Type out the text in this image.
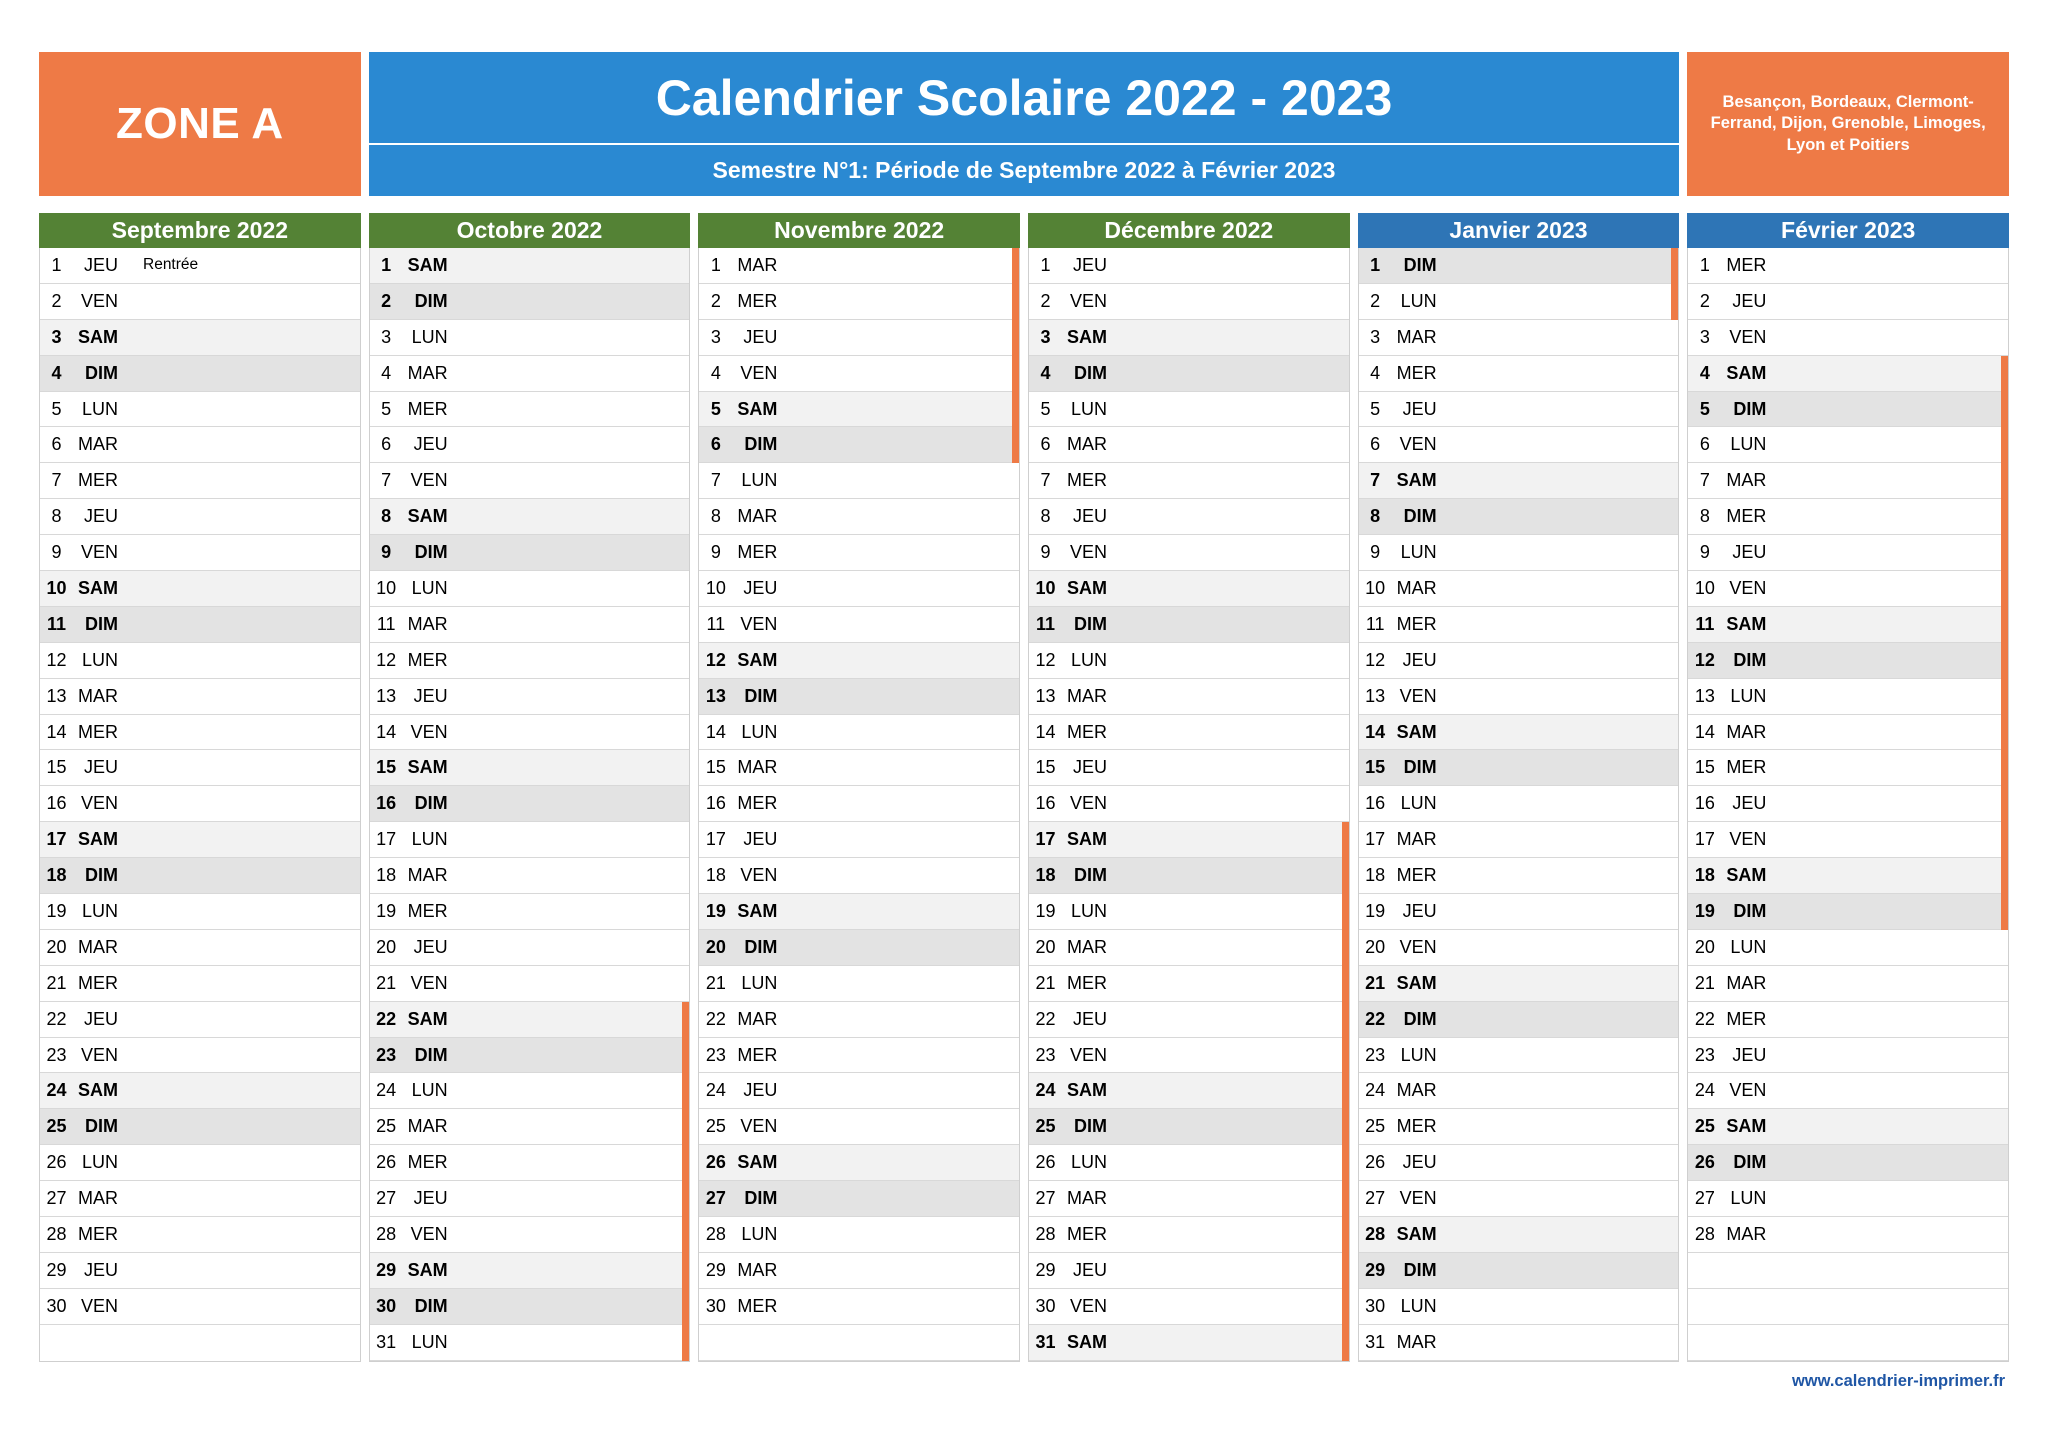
ZONE A	Calendrier Scolaire 2022 - 2023
Semestre N°1: Période de Septembre 2022 à Février 2023
Besançon, Bordeaux, Clermont-
Ferrand, Dijon, Grenoble, Limoges,
Lyon et Poitiers
Septembre 2022
1	JEU Rentrée
2	VEN
3 SAM
4	DIM
5	LUN
6 MAR
7 MER
8	JEU
9	VEN
10 SAM
11	DIM
12 LUN
13 MAR
14 MER
15 JEU
16 VEN
17 SAM
18	DIM
19 LUN
20 MAR
21 MER
22 JEU
23 VEN
24 SAM
25	DIM
26 LUN
27 MAR
28 MER
29 JEU
30 VEN
Octobre 2022
1 SAM
2	DIM
3	LUN
4 MAR
5 MER
6	JEU
7	VEN
8 SAM
9	DIM
10 LUN
11 MAR
12 MER
13 JEU
14 VEN
15 SAM
16	DIM
17 LUN
18 MAR
19 MER
20 JEU
21 VEN
22 SAM
23	DIM
24 LUN
25 MAR
26 MER
27 JEU
28 VEN
29 SAM
30	DIM
31 LUN
Novembre 2022
1 MAR
2 MER
3	JEU
4	VEN
5 SAM
6	DIM
7	LUN
8 MAR
9 MER
10 JEU
11 VEN
12 SAM
13	DIM
14 LUN
15 MAR
16 MER
17 JEU
18 VEN
19 SAM
20	DIM
21 LUN
22 MAR
23 MER
24 JEU
25 VEN
26 SAM
27	DIM
28 LUN
29 MAR
30 MER
Décembre 2022
1	JEU
2	VEN
3 SAM
4	DIM
5	LUN
6 MAR
7 MER
8	JEU
9	VEN
10 SAM
11	DIM
12 LUN
13 MAR
14 MER
15 JEU
16 VEN
17 SAM
18	DIM
19 LUN
20 MAR
21 MER
22 JEU
23 VEN
24 SAM
25	DIM
26 LUN
27 MAR
28 MER
29 JEU
30 VEN
31 SAM
Janvier 2023
1	DIM
2	LUN
3 MAR
4 MER
5	JEU
6	VEN
7 SAM
8	DIM
9	LUN
10 MAR
11 MER
12 JEU
13 VEN
14 SAM
15	DIM
16 LUN
17 MAR
18 MER
19 JEU
20 VEN
21 SAM
22	DIM
23 LUN
24 MAR
25 MER
26 JEU
27 VEN
28 SAM
29	DIM
30 LUN
31 MAR
Février 2023
1 MER
2	JEU
3	VEN
4 SAM
5	DIM
6	LUN
7 MAR
8 MER
9	JEU
10 VEN
11 SAM
12	DIM
13 LUN
14 MAR
15 MER
16 JEU
17 VEN
18 SAM
19	DIM
20 LUN
21 MAR
22 MER
23 JEU
24 VEN
25 SAM
26	DIM
27 LUN
28 MAR
www.calendrier-imprimer.fr
